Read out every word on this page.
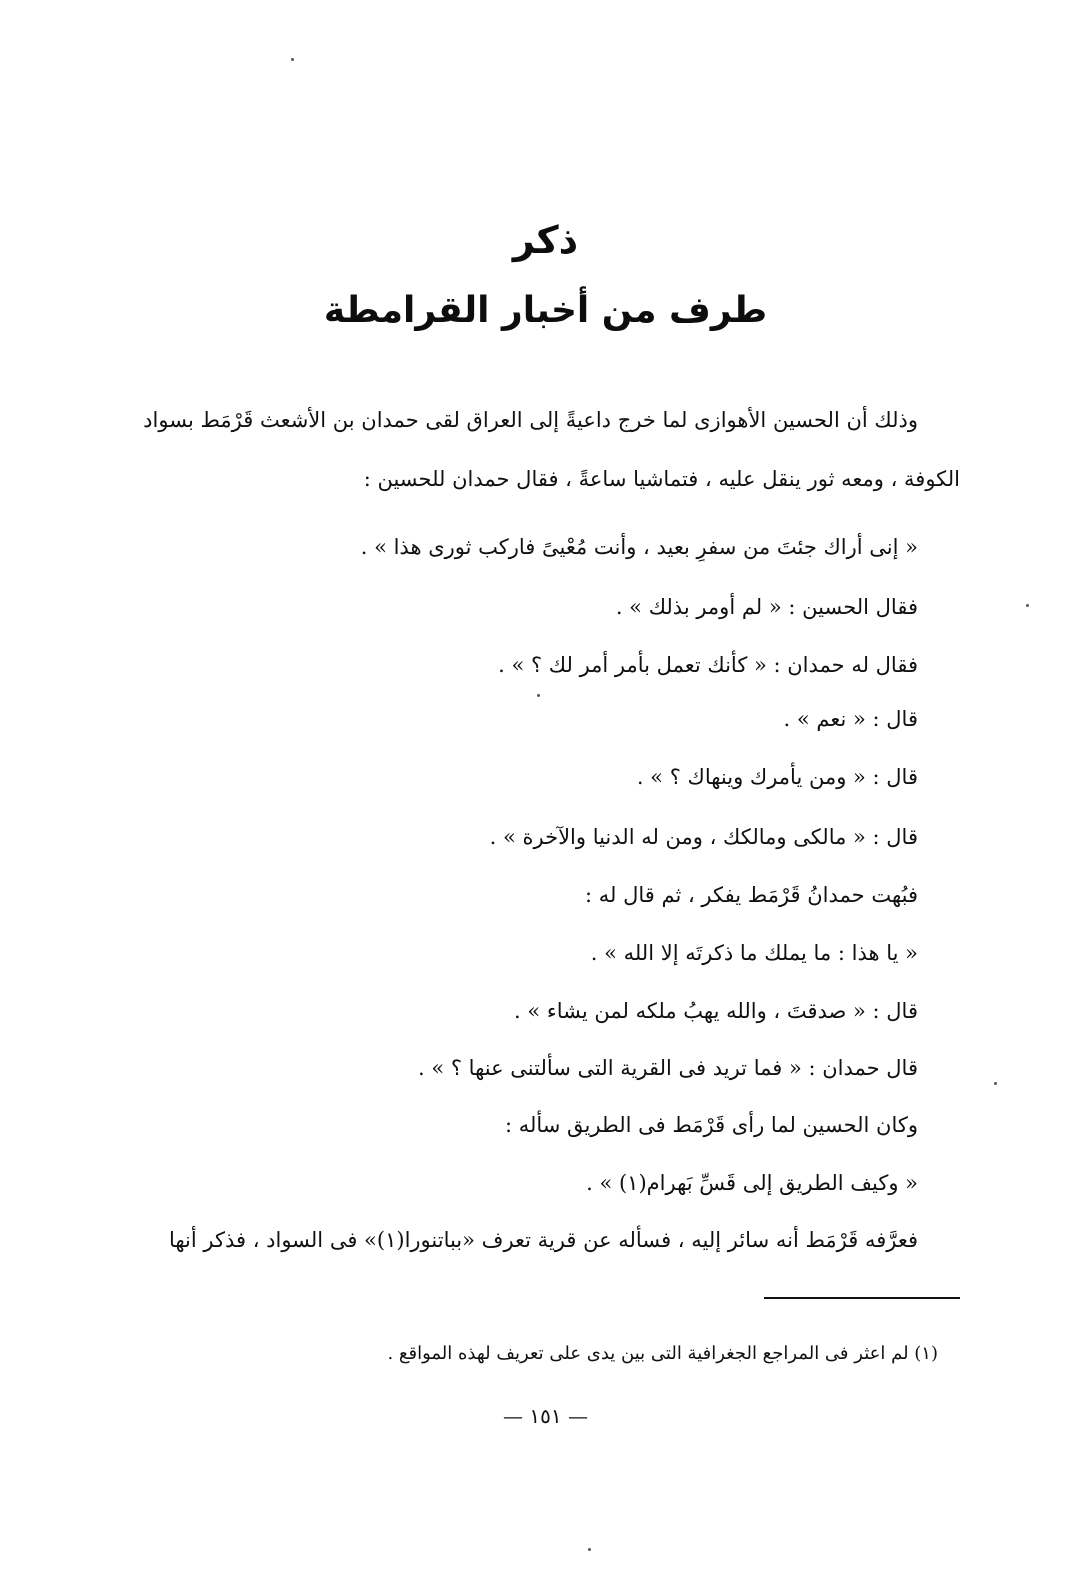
ذكر
طرف من أخبار القرامطة

وذلك أن الحسين الأهوازى لما خرج داعيةً إلى العراق لقى حمدان بن الأشعث قَرْمَط بسواد

الكوفة ، ومعه ثور ينقل عليه ، فتماشيا ساعةً ، فقال حمدان للحسين :

« إنى أراك جئتَ من سفرٍ بعيد ، وأنت مُعْيىً فاركب ثورى هذا » .

فقال الحسين : « لم أومر بذلك » .

فقال له حمدان : « كأنك تعمل بأمر أمر لك ؟ » .

قال : « نعم » .

قال : « ومن يأمرك وينهاك ؟ » .

قال : « مالكى ومالكك ، ومن له الدنيا والآخرة » .

فبُهت حمدانُ قَرْمَط يفكر ، ثم قال له :

« يا هذا : ما يملك ما ذكرتَه إلا الله » .

قال : « صدقتَ ، والله يهبُ ملكه لمن يشاء » .

قال حمدان : « فما تريد فى القرية التى سألتنى عنها ؟ » .

وكان الحسين لما رأى قَرْمَط فى الطريق سأله :

« وكيف الطريق إلى قَسِّ بَهرام(١) » .

فعرَّفه قَرْمَط أنه سائر إليه ، فسأله عن قرية تعرف «بباتنورا(١)» فى السواد ، فذكر أنها

(١) لم اعثر فى المراجع الجغرافية التى بين يدى على تعريف لهذه المواقع .

— ١٥١ —
